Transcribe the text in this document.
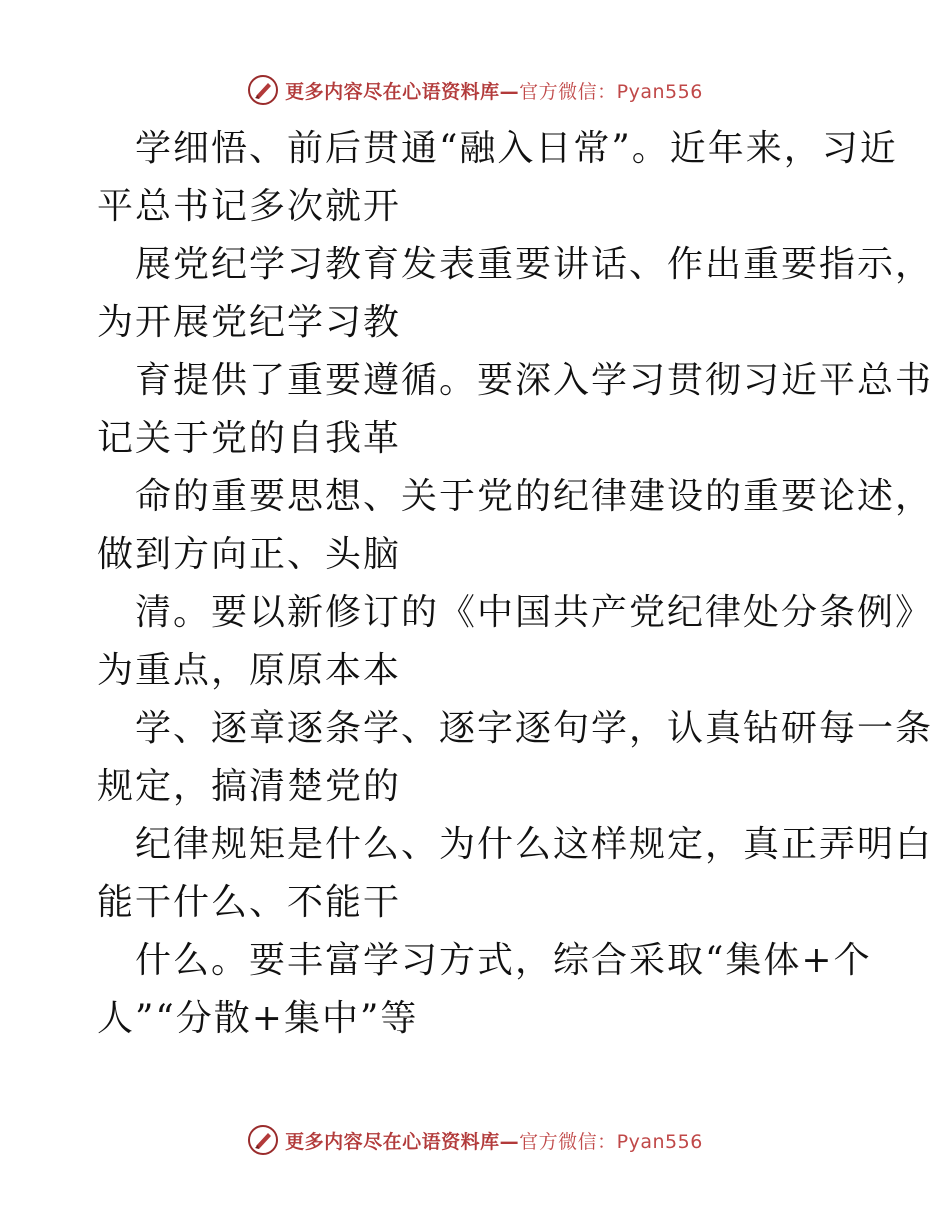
更多内容尽在心语资料库—官方微信：Pyan556
学细悟、前后贯通“融入日常”。近年来，习近
平总书记多次就开
展党纪学习教育发表重要讲话、作出重要指示，
为开展党纪学习教
育提供了重要遵循。要深入学习贯彻习近平总书
记关于党的自我革
命的重要思想、关于党的纪律建设的重要论述，
做到方向正、头脑
清。要以新修订的《中国共产党纪律处分条例》
为重点，原原本本
学、逐章逐条学、逐字逐句学，认真钻研每一条
规定，搞清楚党的
纪律规矩是什么、为什么这样规定，真正弄明白
能干什么、不能干
什么。要丰富学习方式，综合采取“集体+个
人”“分散+集中”等
更多内容尽在心语资料库—官方微信：Pyan556
